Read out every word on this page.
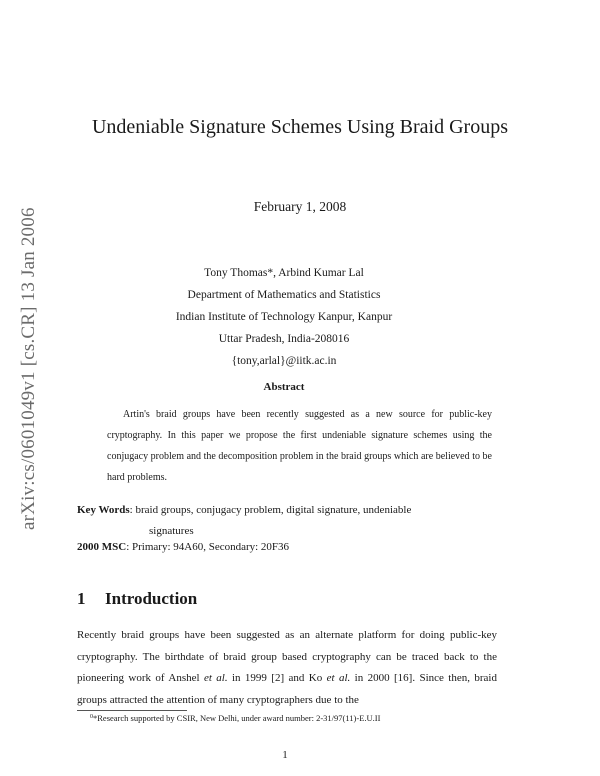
arXiv:cs/0601049v1 [cs.CR] 13 Jan 2006
Undeniable Signature Schemes Using Braid Groups
February 1, 2008
Tony Thomas*, Arbind Kumar Lal
Department of Mathematics and Statistics
Indian Institute of Technology Kanpur, Kanpur
Uttar Pradesh, India-208016
{tony,arlal}@iitk.ac.in
Abstract
Artin's braid groups have been recently suggested as a new source for public-key cryptography. In this paper we propose the first undeniable signature schemes using the conjugacy problem and the decomposition problem in the braid groups which are believed to be hard problems.
Key Words: braid groups, conjugacy problem, digital signature, undeniable
signatures
2000 MSC: Primary: 94A60, Secondary: 20F36
1 Introduction
Recently braid groups have been suggested as an alternate platform for doing public-key cryptography. The birthdate of braid group based cryptography can be traced back to the pioneering work of Anshel et al. in 1999 [2] and Ko et al. in 2000 [16]. Since then, braid groups attracted the attention of many cryptographers due to the
$^0$*Research supported by CSIR, New Delhi, under award number: 2-31/97(11)-E.U.II
1
